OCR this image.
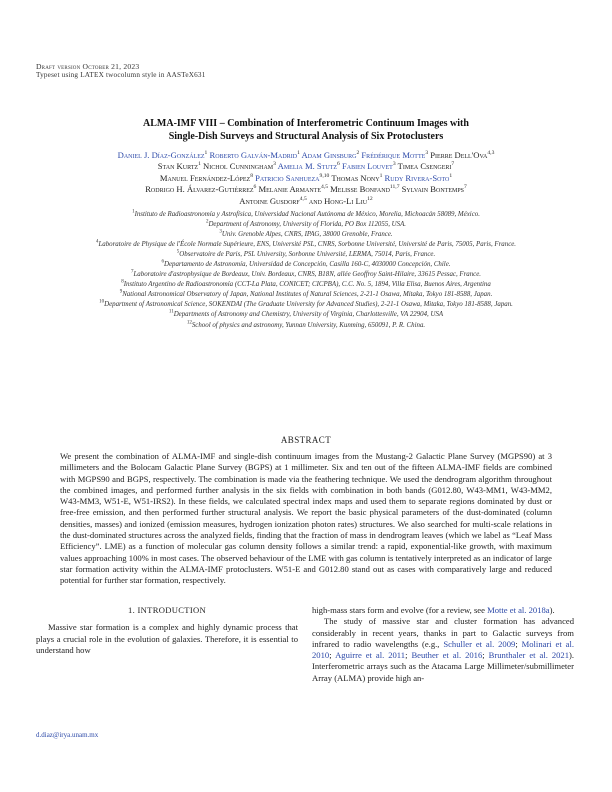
Draft version October 21, 2023
Typeset using LATEX twocolumn style in AASTeX631
ALMA-IMF VIII – Combination of Interferometric Continuum Images with
Single-Dish Surveys and Structural Analysis of Six Protoclusters
Daniel J. Díaz-González$^1$ Roberto Galván-Madrid$^1$ Adam Ginsburg$^2$ Frédérique Motte$^3$ Pierre Dell'Ova$^{4,3}$
Stan Kurtz$^1$ Nichol Cunningham$^3$ Amelia M. Stutz$^6$ Fabien Louvet$^3$ Timea Csengeri$^7$
Manuel Fernández-López$^8$ Patricio Sanhueza$^{9,10}$ Thomas Nony$^1$ Rudy Rivera-Soto$^1$
Rodrigo H. Álvarez-Gutiérrez$^6$ Melanie Armante$^{4,5}$ Melisse Bonfand$^{11,7}$ Sylvain Bontemps$^7$
Antoine Gusdorf$^{4,5}$ and Hong-Li Liu$^{12}$
$^1$Instituto de Radioastronomía y Astrofísica, Universidad Nacional Autónoma de México, Morelia, Michoacán 58089, México.
$^2$Department of Astronomy, University of Florida, PO Box 112055, USA.
$^3$Univ. Grenoble Alpes, CNRS, IPAG, 38000 Grenoble, France.
$^4$Laboratoire de Physique de l'École Normale Supérieure, ENS, Université PSL, CNRS, Sorbonne Université, Université de Paris, 75005, Paris, France.
$^5$Observatoire de Paris, PSL University, Sorbonne Université, LERMA, 75014, Paris, France.
$^6$Departamento de Astronomía, Universidad de Concepción, Casilla 160-C, 4030000 Concepción, Chile.
$^7$Laboratoire d'astrophysique de Bordeaux, Univ. Bordeaux, CNRS, B18N, allée Geoffroy Saint-Hilaire, 33615 Pessac, France.
$^8$Instituto Argentino de Radioastronomía (CCT-La Plata, CONICET; CICPBA), C.C. No. 5, 1894, Villa Elisa, Buenos Aires, Argentina
$^9$National Astronomical Observatory of Japan, National Institutes of Natural Sciences, 2-21-1 Osawa, Mitaka, Tokyo 181-8588, Japan.
$^{10}$Department of Astronomical Science, SOKENDAI (The Graduate University for Advanced Studies), 2-21-1 Osawa, Mitaka, Tokyo 181-8588, Japan.
$^{11}$Departments of Astronomy and Chemistry, University of Virginia, Charlottesville, VA 22904, USA
$^{12}$School of physics and astronomy, Yunnan University, Kunming, 650091, P. R. China.
ABSTRACT
We present the combination of ALMA-IMF and single-dish continuum images from the Mustang-2 Galactic Plane Survey (MGPS90) at 3 millimeters and the Bolocam Galactic Plane Survey (BGPS) at 1 millimeter. Six and ten out of the fifteen ALMA-IMF fields are combined with MGPS90 and BGPS, respectively. The combination is made via the feathering technique. We used the dendrogram algorithm throughout the combined images, and performed further analysis in the six fields with combination in both bands (G012.80, W43-MM1, W43-MM2, W43-MM3, W51-E, W51-IRS2). In these fields, we calculated spectral index maps and used them to separate regions dominated by dust or free-free emission, and then performed further structural analysis. We report the basic physical parameters of the dust-dominated (column densities, masses) and ionized (emission measures, hydrogen ionization photon rates) structures. We also searched for multi-scale relations in the dust-dominated structures across the analyzed fields, finding that the fraction of mass in dendrogram leaves (which we label as “Leaf Mass Efficiency”. LME) as a function of molecular gas column density follows a similar trend: a rapid, exponential-like growth, with maximum values approaching 100% in most cases. The observed behaviour of the LME with gas column is tentatively interpreted as an indicator of large star formation activity within the ALMA-IMF protoclusters. W51-E and G012.80 stand out as cases with comparatively large and reduced potential for further star formation, respectively.
1. INTRODUCTION

Massive star formation is a complex and highly dynamic process that plays a crucial role in the evolution of galaxies. Therefore, it is essential to understand how

high-mass stars form and evolve (for a review, see Motte et al. 2018a).

The study of massive star and cluster formation has advanced considerably in recent years, thanks in part to Galactic surveys from infrared to radio wavelengths (e.g., Schuller et al. 2009; Molinari et al. 2010; Aguirre et al. 2011; Beuther et al. 2016; Brunthaler et al. 2021). Interferometric arrays such as the Atacama Large Millimeter/submillimeter Array (ALMA) provide high an-

d.diaz@irya.unam.mx
